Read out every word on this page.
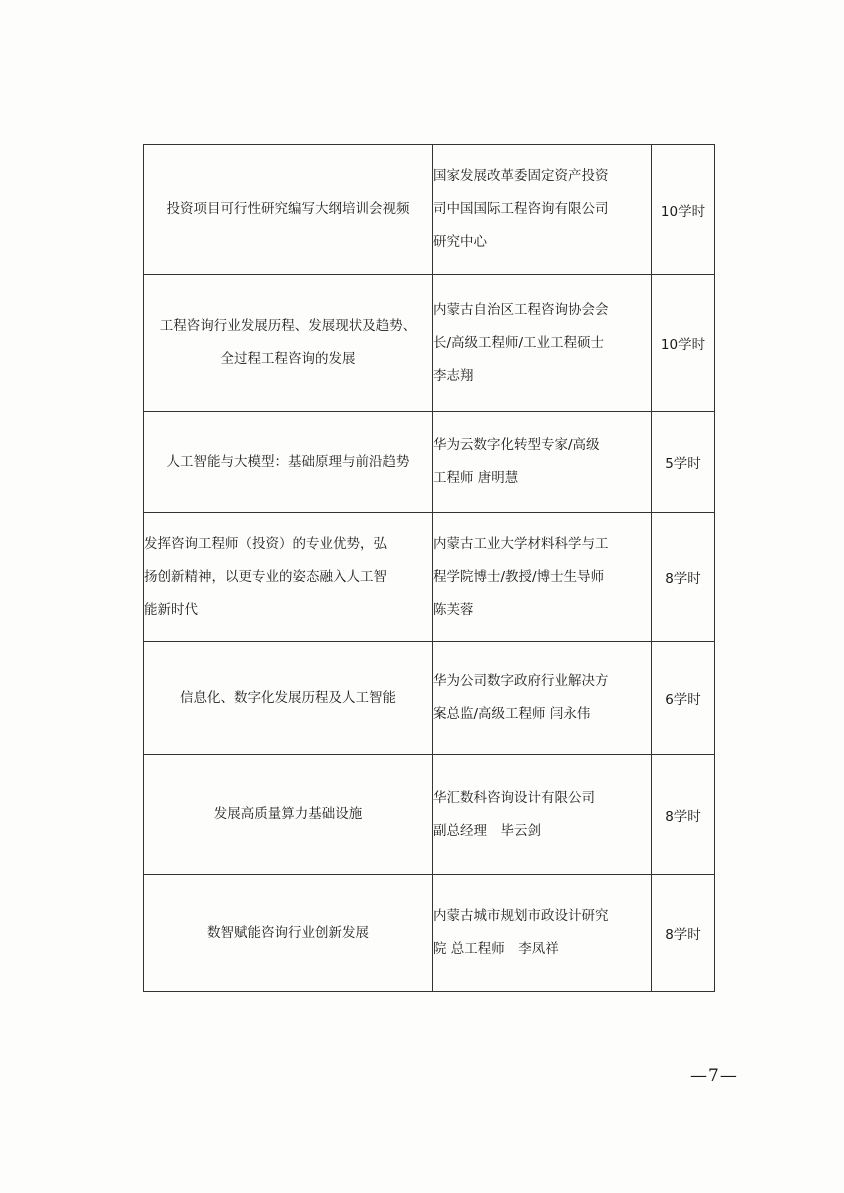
投资项目可行性研究编写大纲培训会视频	国家发展改革委固定资产投资
司中国国际工程咨询有限公司
研究中心	10学时

工程咨询行业发展历程、发展现状及趋势、
全过程工程咨询的发展	内蒙古自治区工程咨询协会会
长/高级工程师/工业工程硕士
李志翔	10学时

人工智能与大模型：基础原理与前沿趋势	华为云数字化转型专家/高级
工程师 唐明慧	5学时

发挥咨询工程师（投资）的专业优势，弘
扬创新精神，以更专业的姿态融入人工智
能新时代	内蒙古工业大学材料科学与工
程学院博士/教授/博士生导师
陈芙蓉	8学时

信息化、数字化发展历程及人工智能	华为公司数字政府行业解决方
案总监/高级工程师 闫永伟	6学时

发展高质量算力基础设施	华汇数科咨询设计有限公司
副总经理　毕云剑	8学时

数智赋能咨询行业创新发展	内蒙古城市规划市政设计研究
院 总工程师　李凤祥	8学时
—7—
